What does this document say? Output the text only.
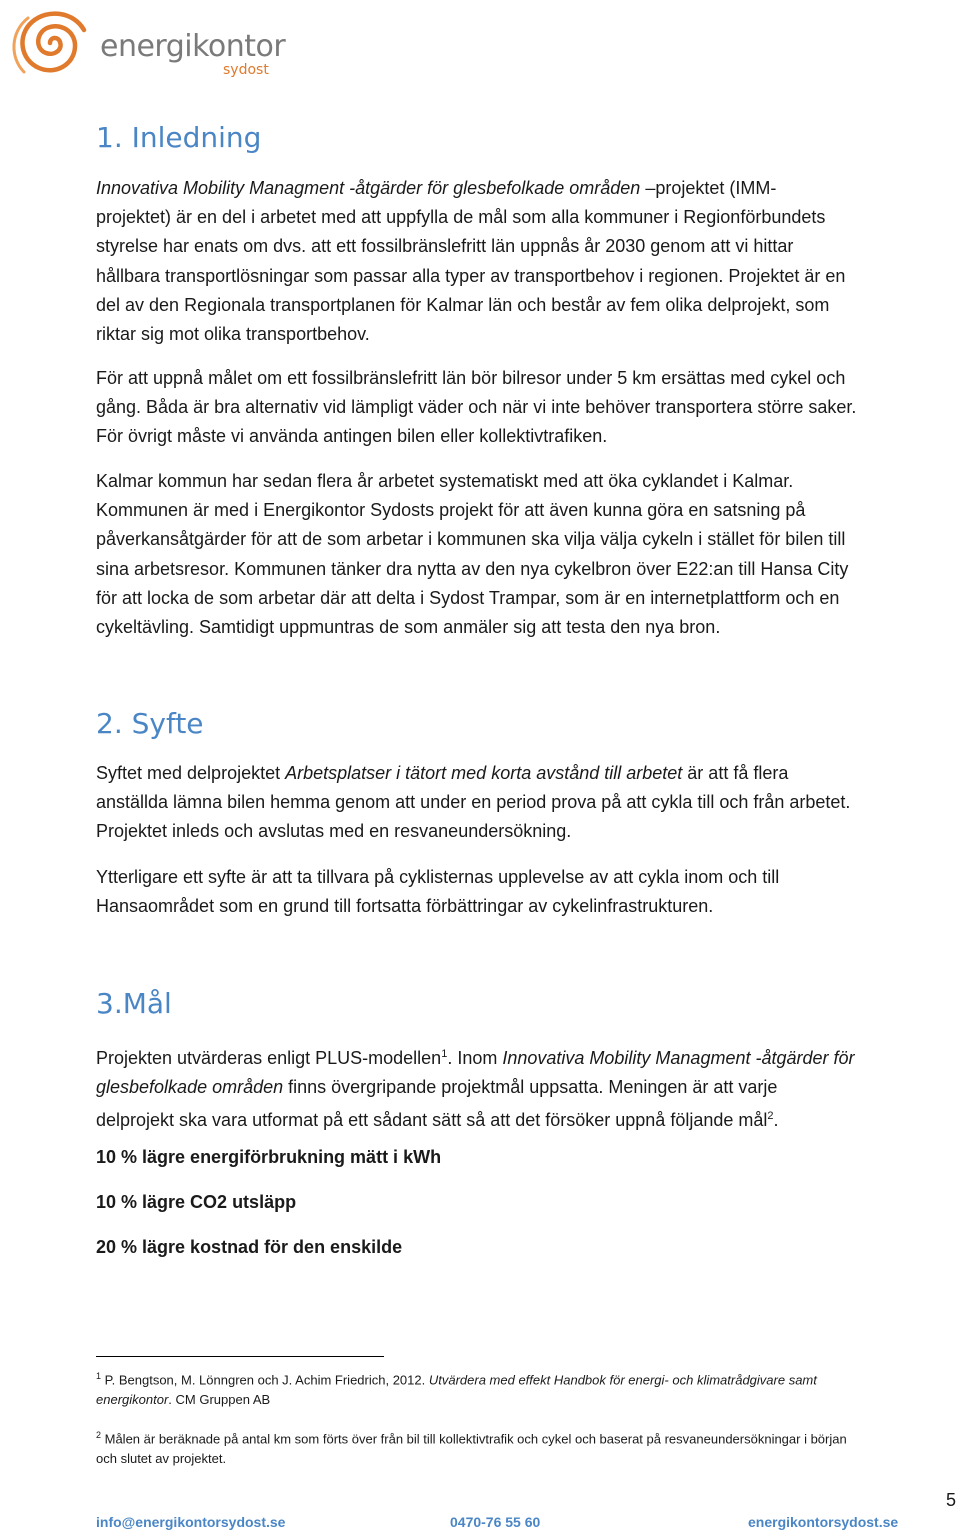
energikontor
sydost
1. Inledning

Innovativa Mobility Managment -åtgärder för glesbefolkade områden –projektet (IMM-
projektet) är en del i arbetet med att uppfylla de mål som alla kommuner i Regionförbundets
styrelse har enats om dvs. att ett fossilbränslefritt län uppnås år 2030 genom att vi hittar
hållbara transportlösningar som passar alla typer av transportbehov i regionen. Projektet är en
del av den Regionala transportplanen för Kalmar län och består av fem olika delprojekt, som
riktar sig mot olika transportbehov.

För att uppnå målet om ett fossilbränslefritt län bör bilresor under 5 km ersättas med cykel och
gång. Båda är bra alternativ vid lämpligt väder och när vi inte behöver transportera större saker.
För övrigt måste vi använda antingen bilen eller kollektivtrafiken.

Kalmar kommun har sedan flera år arbetet systematiskt med att öka cyklandet i Kalmar.
Kommunen är med i Energikontor Sydosts projekt för att även kunna göra en satsning på
påverkansåtgärder för att de som arbetar i kommunen ska vilja välja cykeln i stället för bilen till
sina arbetsresor. Kommunen tänker dra nytta av den nya cykelbron över E22:an till Hansa City
för att locka de som arbetar där att delta i Sydost Trampar, som är en internetplattform och en
cykeltävling. Samtidigt uppmuntras de som anmäler sig att testa den nya bron.

2. Syfte

Syftet med delprojektet Arbetsplatser i tätort med korta avstånd till arbetet är att få flera
anställda lämna bilen hemma genom att under en period prova på att cykla till och från arbetet.
Projektet inleds och avslutas med en resvaneundersökning.

Ytterligare ett syfte är att ta tillvara på cyklisternas upplevelse av att cykla inom och till
Hansaområdet som en grund till fortsatta förbättringar av cykelinfrastrukturen.

3.Mål

Projekten utvärderas enligt PLUS-modellen$^1$. Inom Innovativa Mobility Managment -åtgärder för
glesbefolkade områden finns övergripande projektmål uppsatta. Meningen är att varje
delprojekt ska vara utformat på ett sådant sätt så att det försöker uppnå följande mål$^2$.

10 % lägre energiförbrukning mätt i kWh
10 % lägre CO2 utsläpp
20 % lägre kostnad för den enskilde
$^1$ P. Bengtson, M. Lönngren och J. Achim Friedrich, 2012. Utvärdera med effekt Handbok för energi- och klimatrådgivare samt
energikontor. CM Gruppen AB
$^2$ Målen är beräknade på antal km som förts över från bil till kollektivtrafik och cykel och baserat på resvaneundersökningar i början
och slutet av projektet.
5
info@energikontorsydost.se	0470-76 55 60	energikontorsydost.se
